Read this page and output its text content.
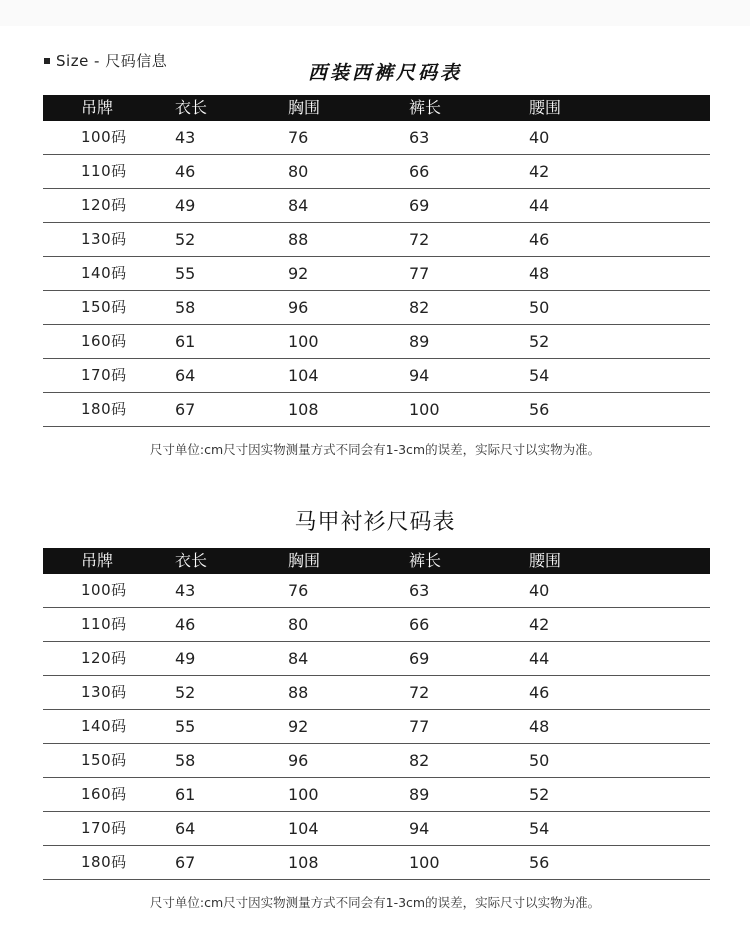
Size - 尺码信息
西装西裤尺码表
吊牌	衣长	胸围	裤长	腰围
100码	43	76	63	40
110码	46	80	66	42
120码	49	84	69	44
130码	52	88	72	46
140码	55	92	77	48
150码	58	96	82	50
160码	61	100	89	52
170码	64	104	94	54
180码	67	108	100	56
尺寸单位:cm尺寸因实物测量方式不同会有1-3cm的误差，实际尺寸以实物为准。
马甲衬衫尺码表
吊牌	衣长	胸围	裤长	腰围
100码	43	76	63	40
110码	46	80	66	42
120码	49	84	69	44
130码	52	88	72	46
140码	55	92	77	48
150码	58	96	82	50
160码	61	100	89	52
170码	64	104	94	54
180码	67	108	100	56
尺寸单位:cm尺寸因实物测量方式不同会有1-3cm的误差，实际尺寸以实物为准。
